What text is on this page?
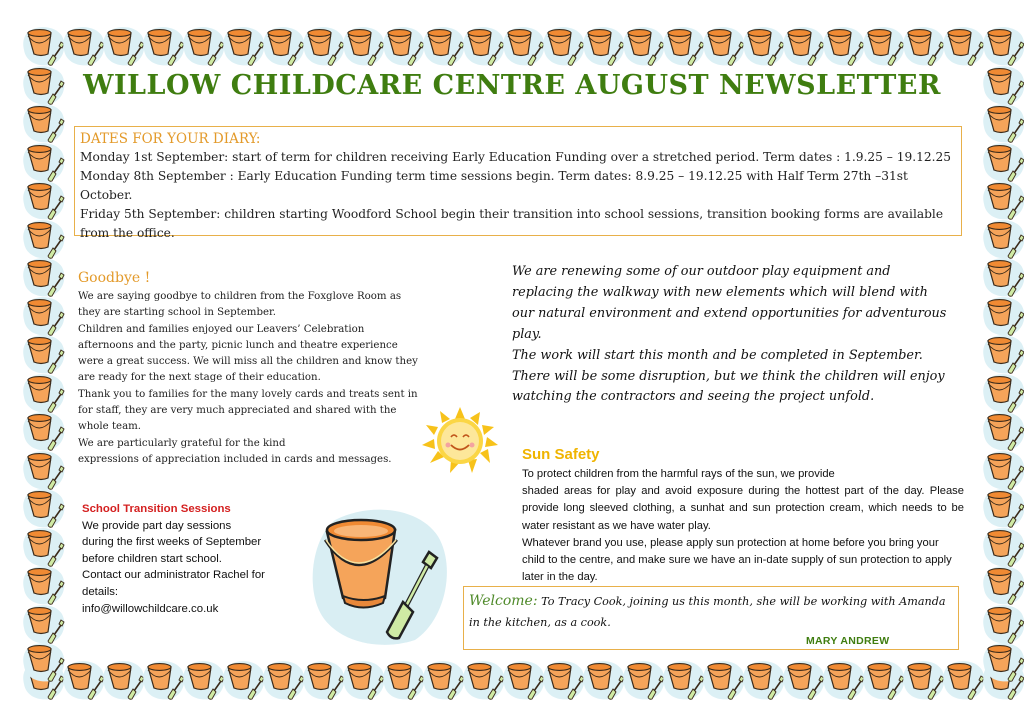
WILLOW CHILDCARE CENTRE AUGUST NEWSLETTER
DATES FOR YOUR DIARY:
Monday 1st September: start of term for children receiving Early Education Funding over a stretched period. Term dates : 1.9.25 – 19.12.25
Monday 8th September : Early Education Funding term time sessions begin. Term dates: 8.9.25 – 19.12.25 with Half Term 27th –31st October.
Friday 5th September: children starting Woodford School begin their transition into school sessions, transition booking forms are available from the office.
Goodbye !
We are saying goodbye to children from the Foxglove Room as they are starting school in September.
Children and families enjoyed our Leavers’ Celebration afternoons and the party, picnic lunch and theatre experience were a great success. We will miss all the children and know they are ready for the next stage of their education.
Thank you to families for the many lovely cards and treats sent in for staff, they are very much appreciated and shared with the whole team.
We are particularly grateful for the kind
expressions of appreciation included in cards and messages.
We are renewing some of our outdoor play equipment and replacing the walkway with new elements which will blend with our natural environment and extend opportunities for adventurous play.
The work will start this month and be completed in September. There will be some disruption, but we think the children will enjoy watching the contractors and seeing the project unfold.
Sun Safety
To protect children from the harmful rays of the sun, we provide
shaded areas for play and avoid exposure during the hottest part of the day. Please provide long sleeved clothing, a sunhat and sun protection cream, which needs to be water resistant as we have water play.
Whatever brand you use, please apply sun protection at home before you bring your child to the centre, and make sure we have an in-date supply of sun protection to apply later in the day.
School Transition Sessions
We provide part day sessions
during the first weeks of September
before children start school.
Contact our administrator Rachel for details:
info@willowchildcare.co.uk	Welcome: To Tracy Cook, joining us this month, she will be working with Amanda in the kitchen, as a cook.
MARY ANDREW
